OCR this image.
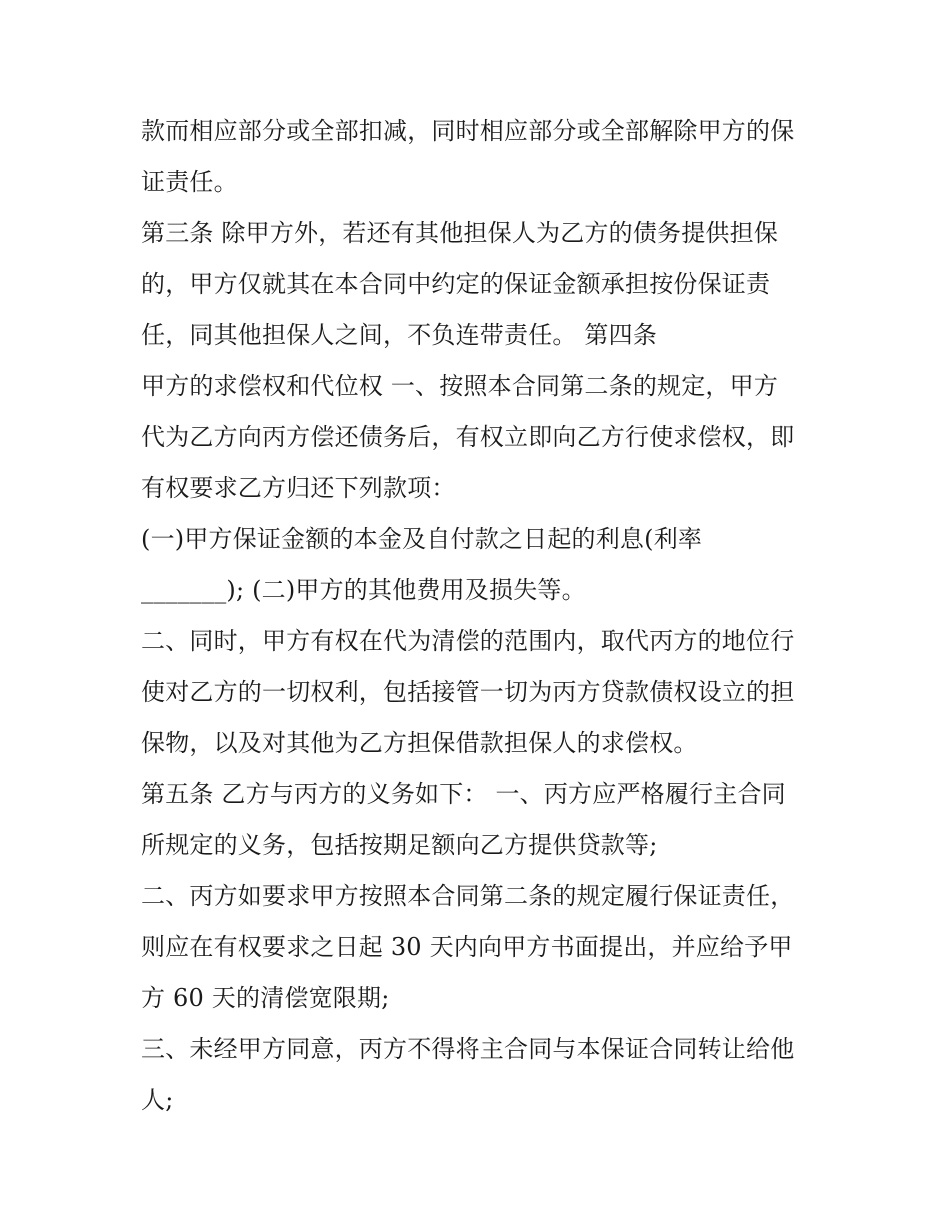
款而相应部分或全部扣减，同时相应部分或全部解除甲方的保
证责任。
第三条 除甲方外，若还有其他担保人为乙方的债务提供担保
的，甲方仅就其在本合同中约定的保证金额承担按份保证责
任，同其他担保人之间，不负连带责任。 第四条
甲方的求偿权和代位权 一、按照本合同第二条的规定，甲方
代为乙方向丙方偿还债务后，有权立即向乙方行使求偿权，即
有权要求乙方归还下列款项：
(一)甲方保证金额的本金及自付款之日起的利息(利率
_______); (二)甲方的其他费用及损失等。
二、同时，甲方有权在代为清偿的范围内，取代丙方的地位行
使对乙方的一切权利，包括接管一切为丙方贷款债权设立的担
保物，以及对其他为乙方担保借款担保人的求偿权。
第五条 乙方与丙方的义务如下： 一、丙方应严格履行主合同
所规定的义务，包括按期足额向乙方提供贷款等;
二、丙方如要求甲方按照本合同第二条的规定履行保证责任，
则应在有权要求之日起 30 天内向甲方书面提出，并应给予甲
方 60 天的清偿宽限期;
三、未经甲方同意，丙方不得将主合同与本保证合同转让给他
人;
